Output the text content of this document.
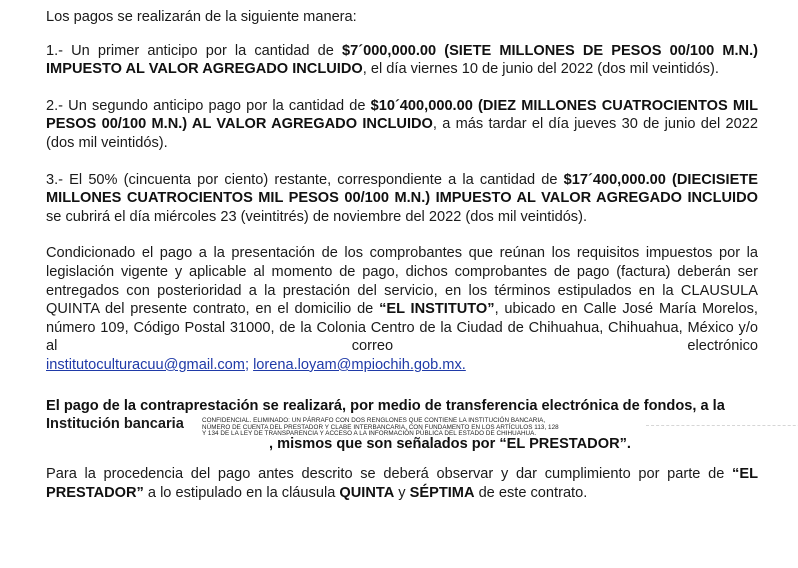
Los pagos se realizarán de la siguiente manera:

1.- Un primer anticipo por la cantidad de $7´000,000.00 (SIETE MILLONES DE PESOS 00/100 M.N.) IMPUESTO AL VALOR AGREGADO INCLUIDO, el día viernes 10 de junio del 2022 (dos mil veintidós).

2.- Un segundo anticipo pago por la cantidad de $10´400,000.00 (DIEZ MILLONES CUATROCIENTOS MIL PESOS 00/100 M.N.) AL VALOR AGREGADO INCLUIDO, a más tardar el día jueves 30 de junio del 2022 (dos mil veintidós).

3.- El 50% (cincuenta por ciento) restante, correspondiente a la cantidad de $17´400,000.00 (DIECISIETE MILLONES CUATROCIENTOS MIL PESOS 00/100 M.N.) IMPUESTO AL VALOR AGREGADO INCLUIDO se cubrirá el día miércoles 23 (veintitrés) de noviembre del 2022 (dos mil veintidós).

Condicionado el pago a la presentación de los comprobantes que reúnan los requisitos impuestos por la legislación vigente y aplicable al momento de pago, dichos comprobantes de pago (factura) deberán ser entregados con posterioridad a la prestación del servicio, en los términos estipulados en la CLAUSULA QUINTA del presente contrato, en el domicilio de “EL INSTITUTO”, ubicado en Calle José María Morelos, número 109, Código Postal 31000, de la Colonia Centro de la Ciudad de Chihuahua, Chihuahua, México y/o al correo electrónico

institutoculturacuu@gmail.com; lorena.loyam@mpiochih.gob.mx.

El pago de la contraprestación se realizará, por medio de transferencia electrónica de fondos, a la

Institución bancaria	CONFIDENCIAL. ELIMINADO: UN PÁRRAFO CON DOS RENGLONES QUE CONTIENE LA INSTITUCIÓN BANCARIA, NÚMERO DE CUENTA DEL PRESTADOR Y CLABE INTERBANCARIA, CON FUNDAMENTO EN LOS ARTÍCULOS 113, 128 Y 134 DE LA LEY DE TRANSPARENCIA Y ACCESO A LA INFORMACIÓN PÚBLICA DEL ESTADO DE CHIHUAHUA.
, mismos que son señalados por “EL PRESTADOR”.

Para la procedencia del pago antes descrito se deberá observar y dar cumplimiento por parte de “EL PRESTADOR” a lo estipulado en la cláusula QUINTA y SÉPTIMA de este contrato.
